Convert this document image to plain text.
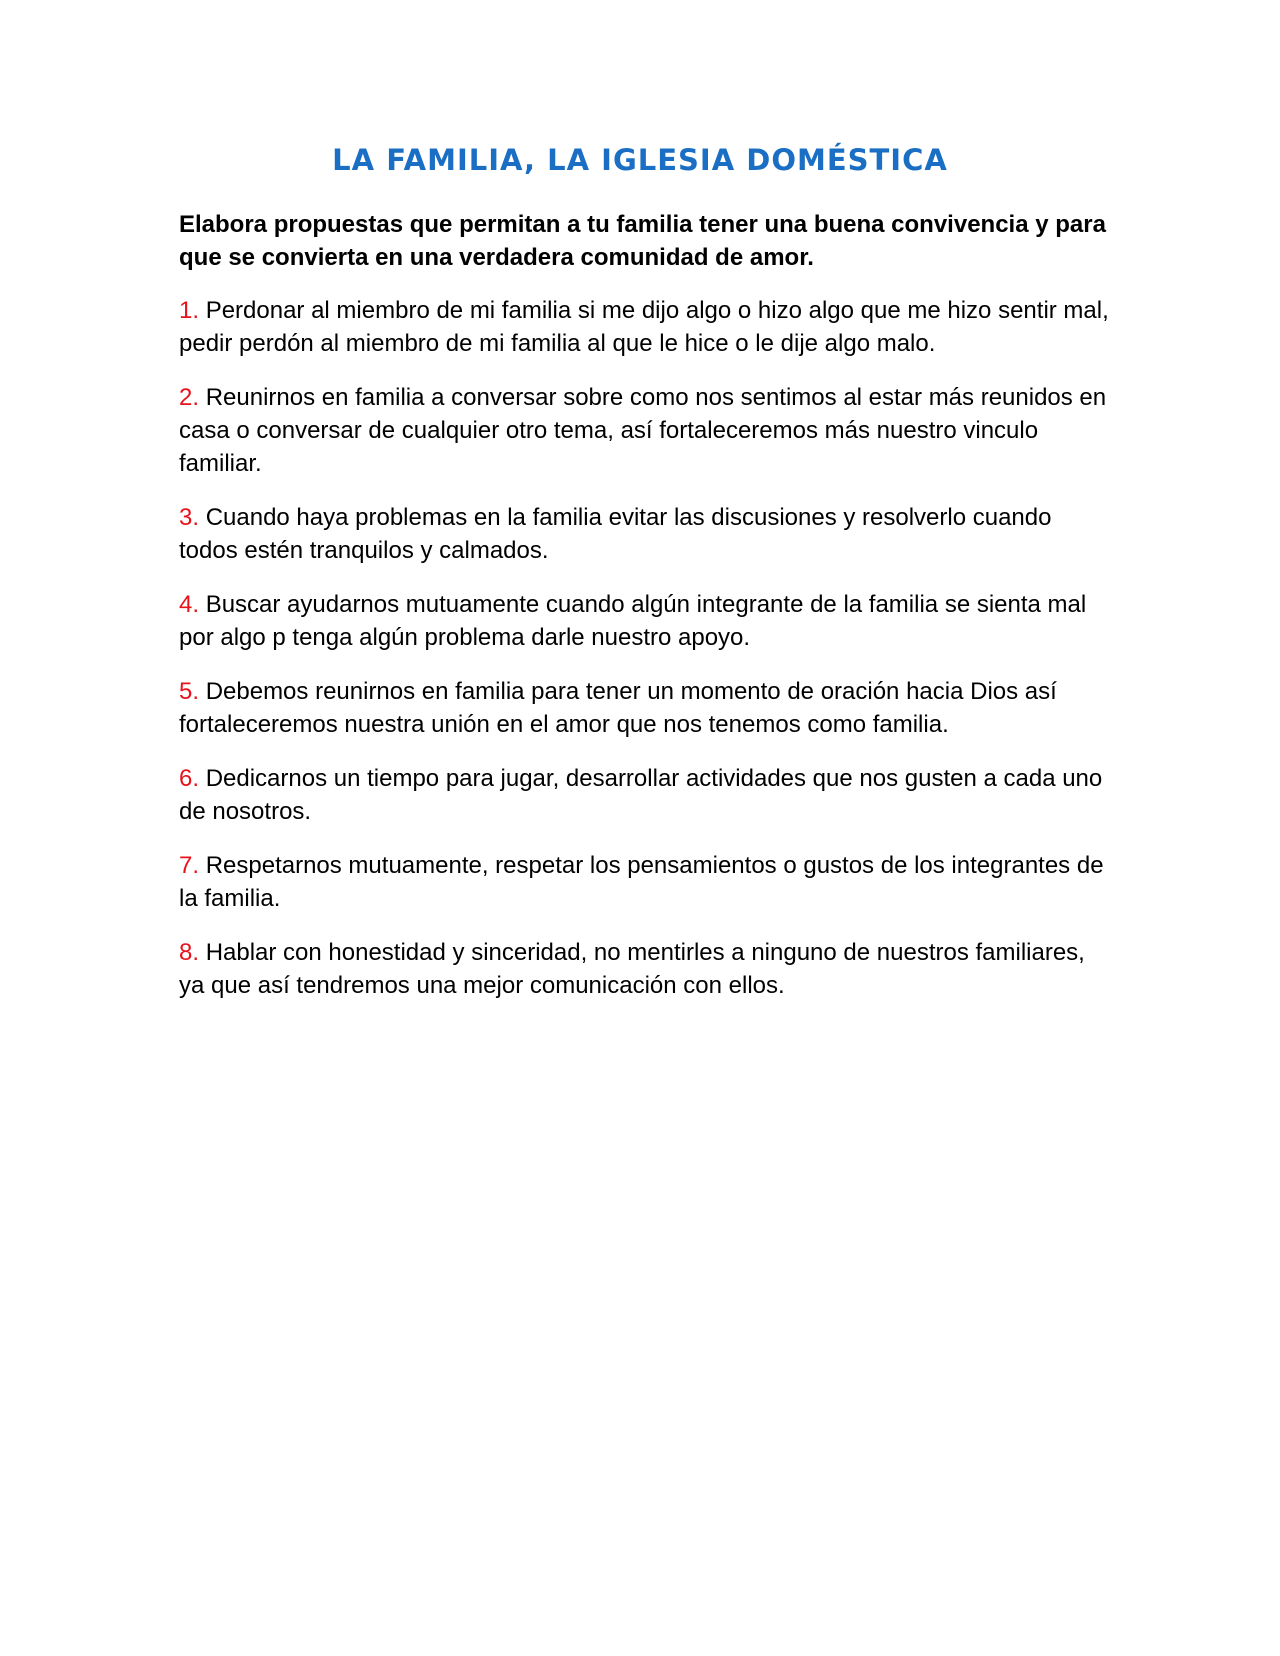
LA FAMILIA, LA IGLESIA DOMÉSTICA

Elabora propuestas que permitan a tu familia tener una buena convivencia y para que se convierta en una verdadera comunidad de amor.

1. Perdonar al miembro de mi familia si me dijo algo o hizo algo que me hizo sentir mal, pedir perdón al miembro de mi familia al que le hice o le dije algo malo.

2. Reunirnos en familia a conversar sobre como nos sentimos al estar más reunidos en casa o conversar de cualquier otro tema, así fortaleceremos más nuestro vinculo  familiar.

3. Cuando haya problemas en la familia evitar las discusiones y resolverlo cuando todos estén tranquilos y calmados.

4. Buscar ayudarnos mutuamente cuando algún integrante de la familia se sienta mal por algo p tenga algún problema darle nuestro apoyo.

5. Debemos reunirnos en familia para tener un momento de oración hacia Dios así fortaleceremos nuestra unión en el amor que nos tenemos como familia.

6. Dedicarnos un tiempo para jugar, desarrollar actividades que nos gusten a cada uno de nosotros.

7. Respetarnos mutuamente, respetar los pensamientos o gustos de los integrantes de la familia.

8. Hablar con honestidad y sinceridad, no mentirles a ninguno de nuestros familiares, ya que así tendremos una mejor comunicación con ellos.
